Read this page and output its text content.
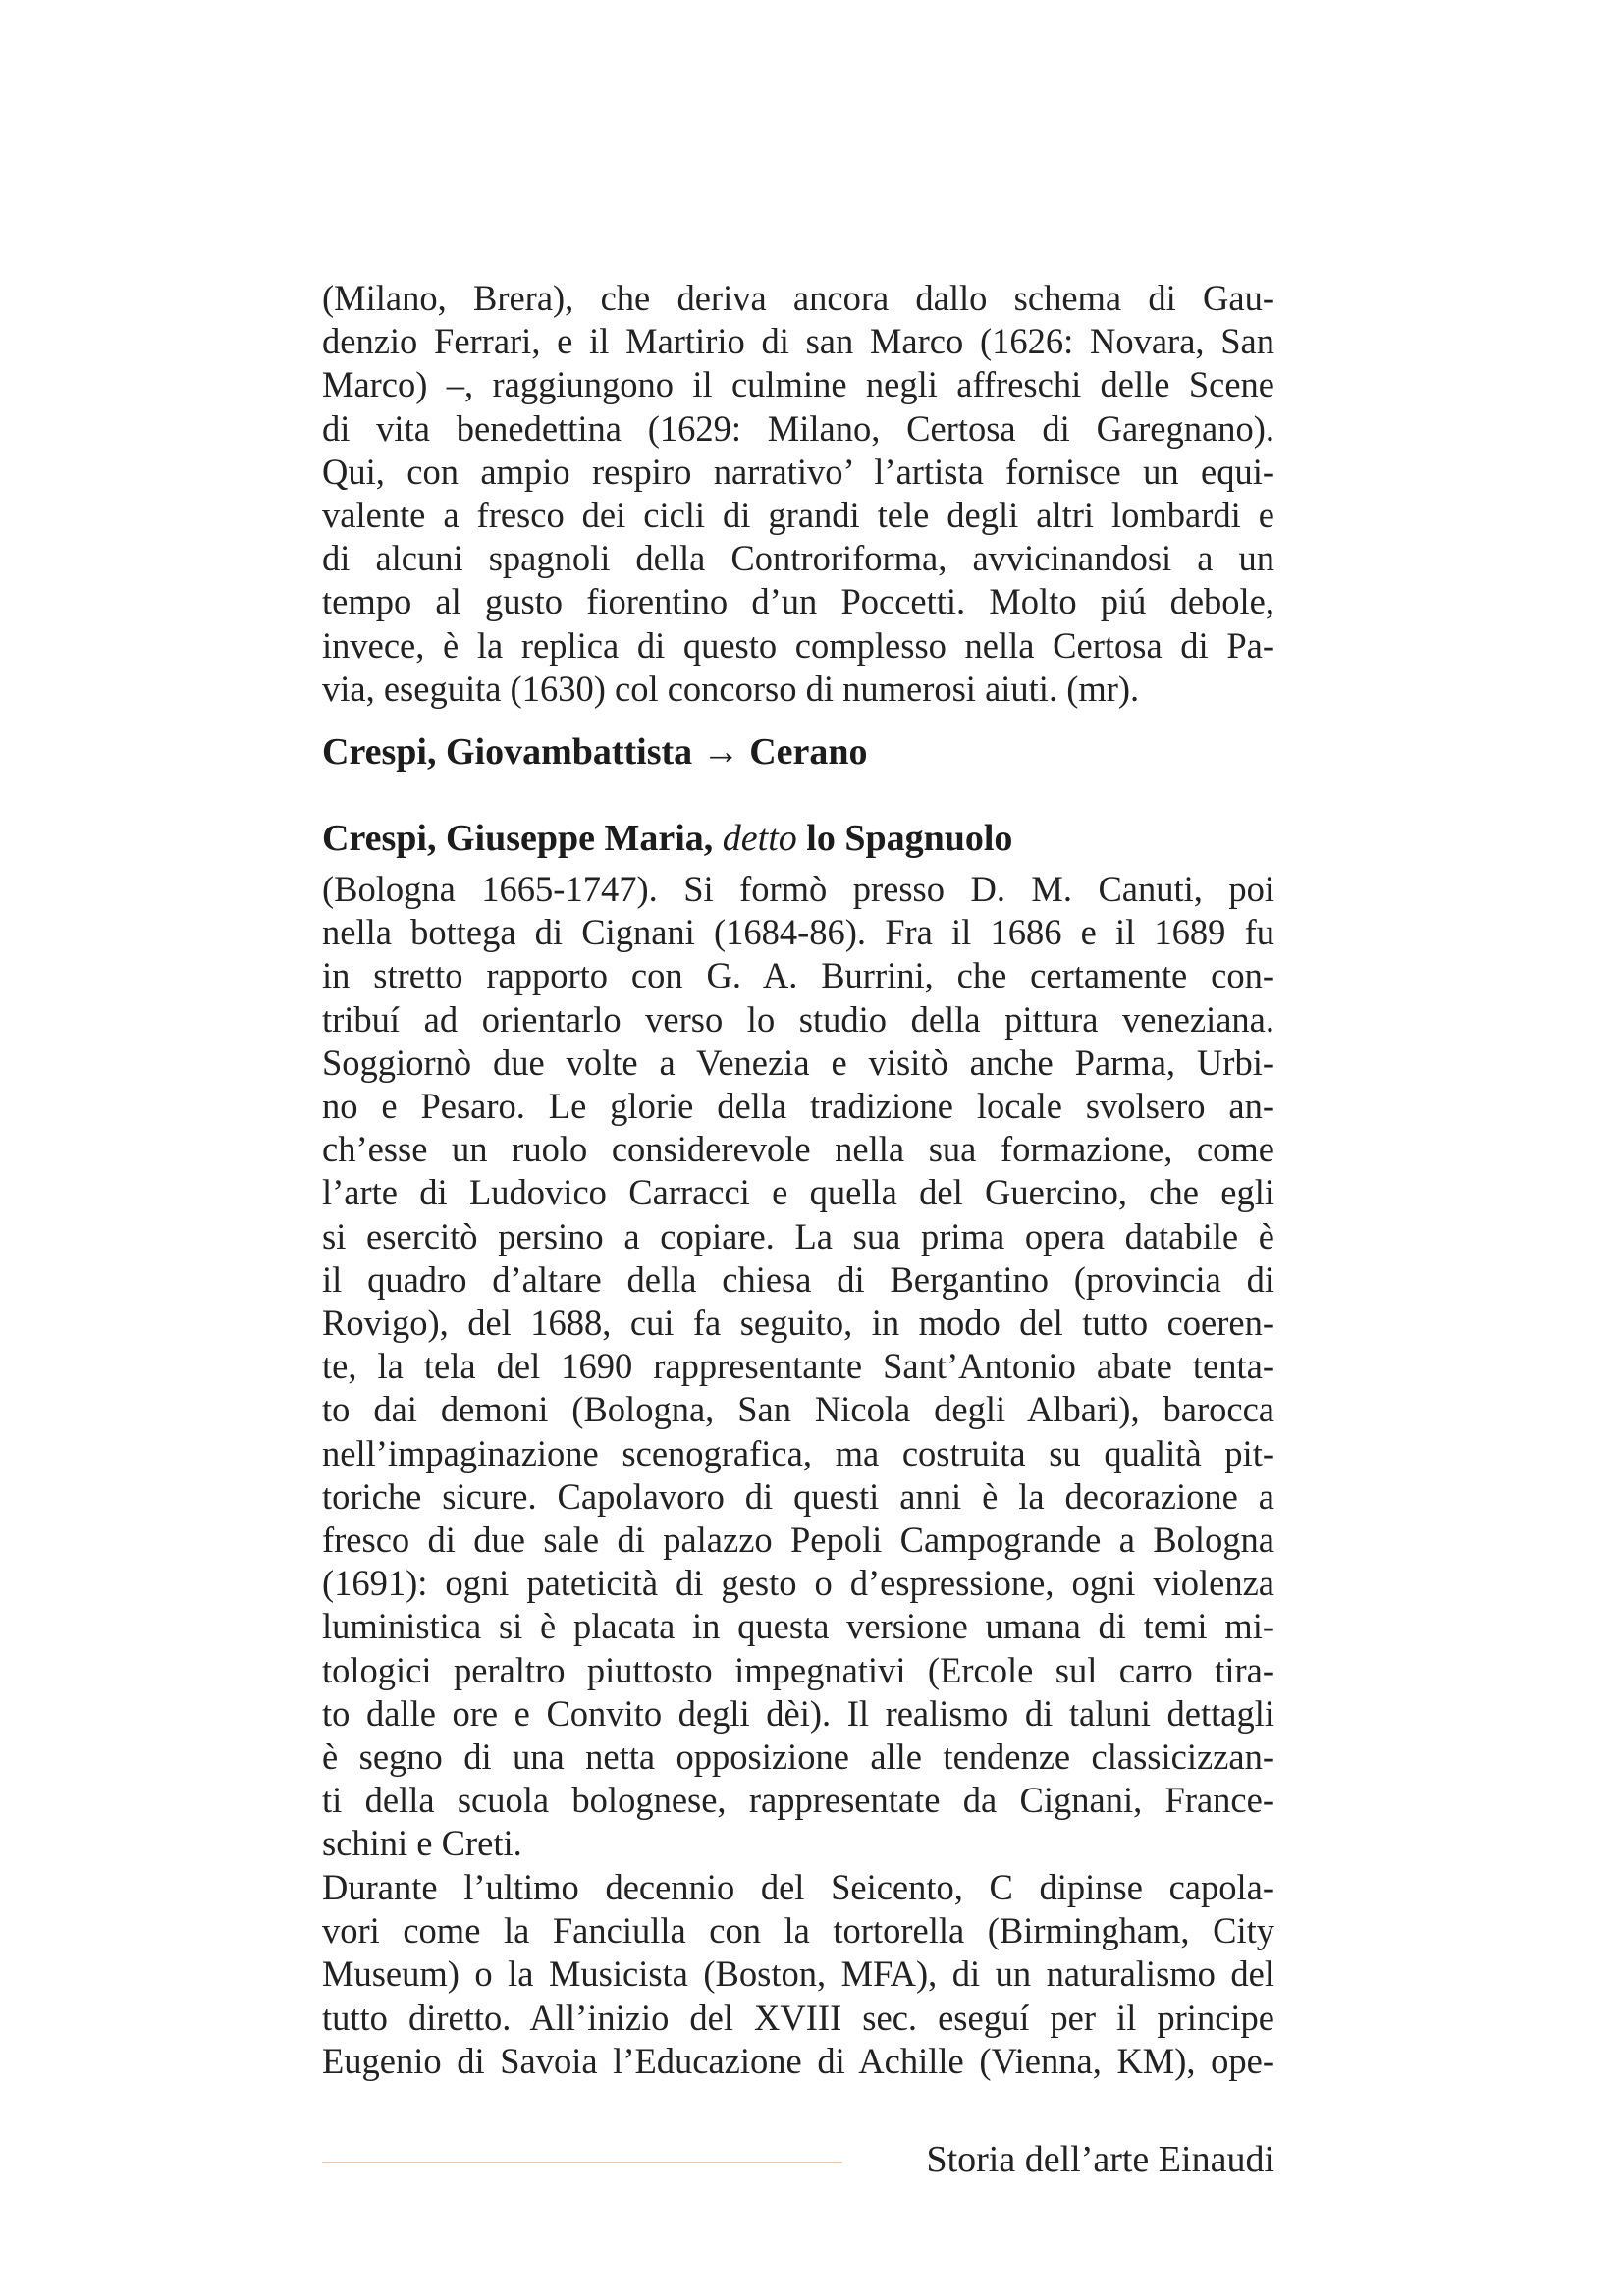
(Milano, Brera), che deriva ancora dallo schema di Gau-
denzio Ferrari, e il Martirio di san Marco (1626: Novara, San
Marco) –, raggiungono il culmine negli affreschi delle Scene
di vita benedettina (1629: Milano, Certosa di Garegnano).
Qui, con ampio respiro narrativo’ l’artista fornisce un equi-
valente a fresco dei cicli di grandi tele degli altri lombardi e
di alcuni spagnoli della Controriforma, avvicinandosi a un
tempo al gusto fiorentino d’un Poccetti. Molto piú debole,
invece, è la replica di questo complesso nella Certosa di Pa-

via, eseguita (1630) col concorso di numerosi aiuti. (mr).

Crespi, Giovambattista → Cerano
Crespi, Giuseppe Maria, detto lo Spagnuolo

(Bologna 1665-1747). Si formò presso D. M. Canuti, poi
nella bottega di Cignani (1684-86). Fra il 1686 e il 1689 fu
in stretto rapporto con G. A. Burrini, che certamente con-
tribuí ad orientarlo verso lo studio della pittura veneziana.
Soggiornò due volte a Venezia e visitò anche Parma, Urbi-
no e Pesaro. Le glorie della tradizione locale svolsero an-
ch’esse un ruolo considerevole nella sua formazione, come
l’arte di Ludovico Carracci e quella del Guercino, che egli
si esercitò persino a copiare. La sua prima opera databile è
il quadro d’altare della chiesa di Bergantino (provincia di
Rovigo), del 1688, cui fa seguito, in modo del tutto coeren-
te, la tela del 1690 rappresentante Sant’Antonio abate tenta-
to dai demoni (Bologna, San Nicola degli Albari), barocca
nell’impaginazione scenografica, ma costruita su qualità pit-
toriche sicure. Capolavoro di questi anni è la decorazione a
fresco di due sale di palazzo Pepoli Campogrande a Bologna
(1691): ogni pateticità di gesto o d’espressione, ogni violenza
luministica si è placata in questa versione umana di temi mi-
tologici peraltro piuttosto impegnativi (Ercole sul carro tira-
to dalle ore e Convito degli dèi). Il realismo di taluni dettagli
è segno di una netta opposizione alle tendenze classicizzan-
ti della scuola bolognese, rappresentate da Cignani, France-

schini e Creti.

Durante l’ultimo decennio del Seicento, C dipinse capola-
vori come la Fanciulla con la tortorella (Birmingham, City
Museum) o la Musicista (Boston, MFA), di un naturalismo del
tutto diretto. All’inizio del XVIII sec. eseguí per il principe
Eugenio di Savoia l’Educazione di Achille (Vienna, KM), ope-

Storia dell’arte Einaudi
